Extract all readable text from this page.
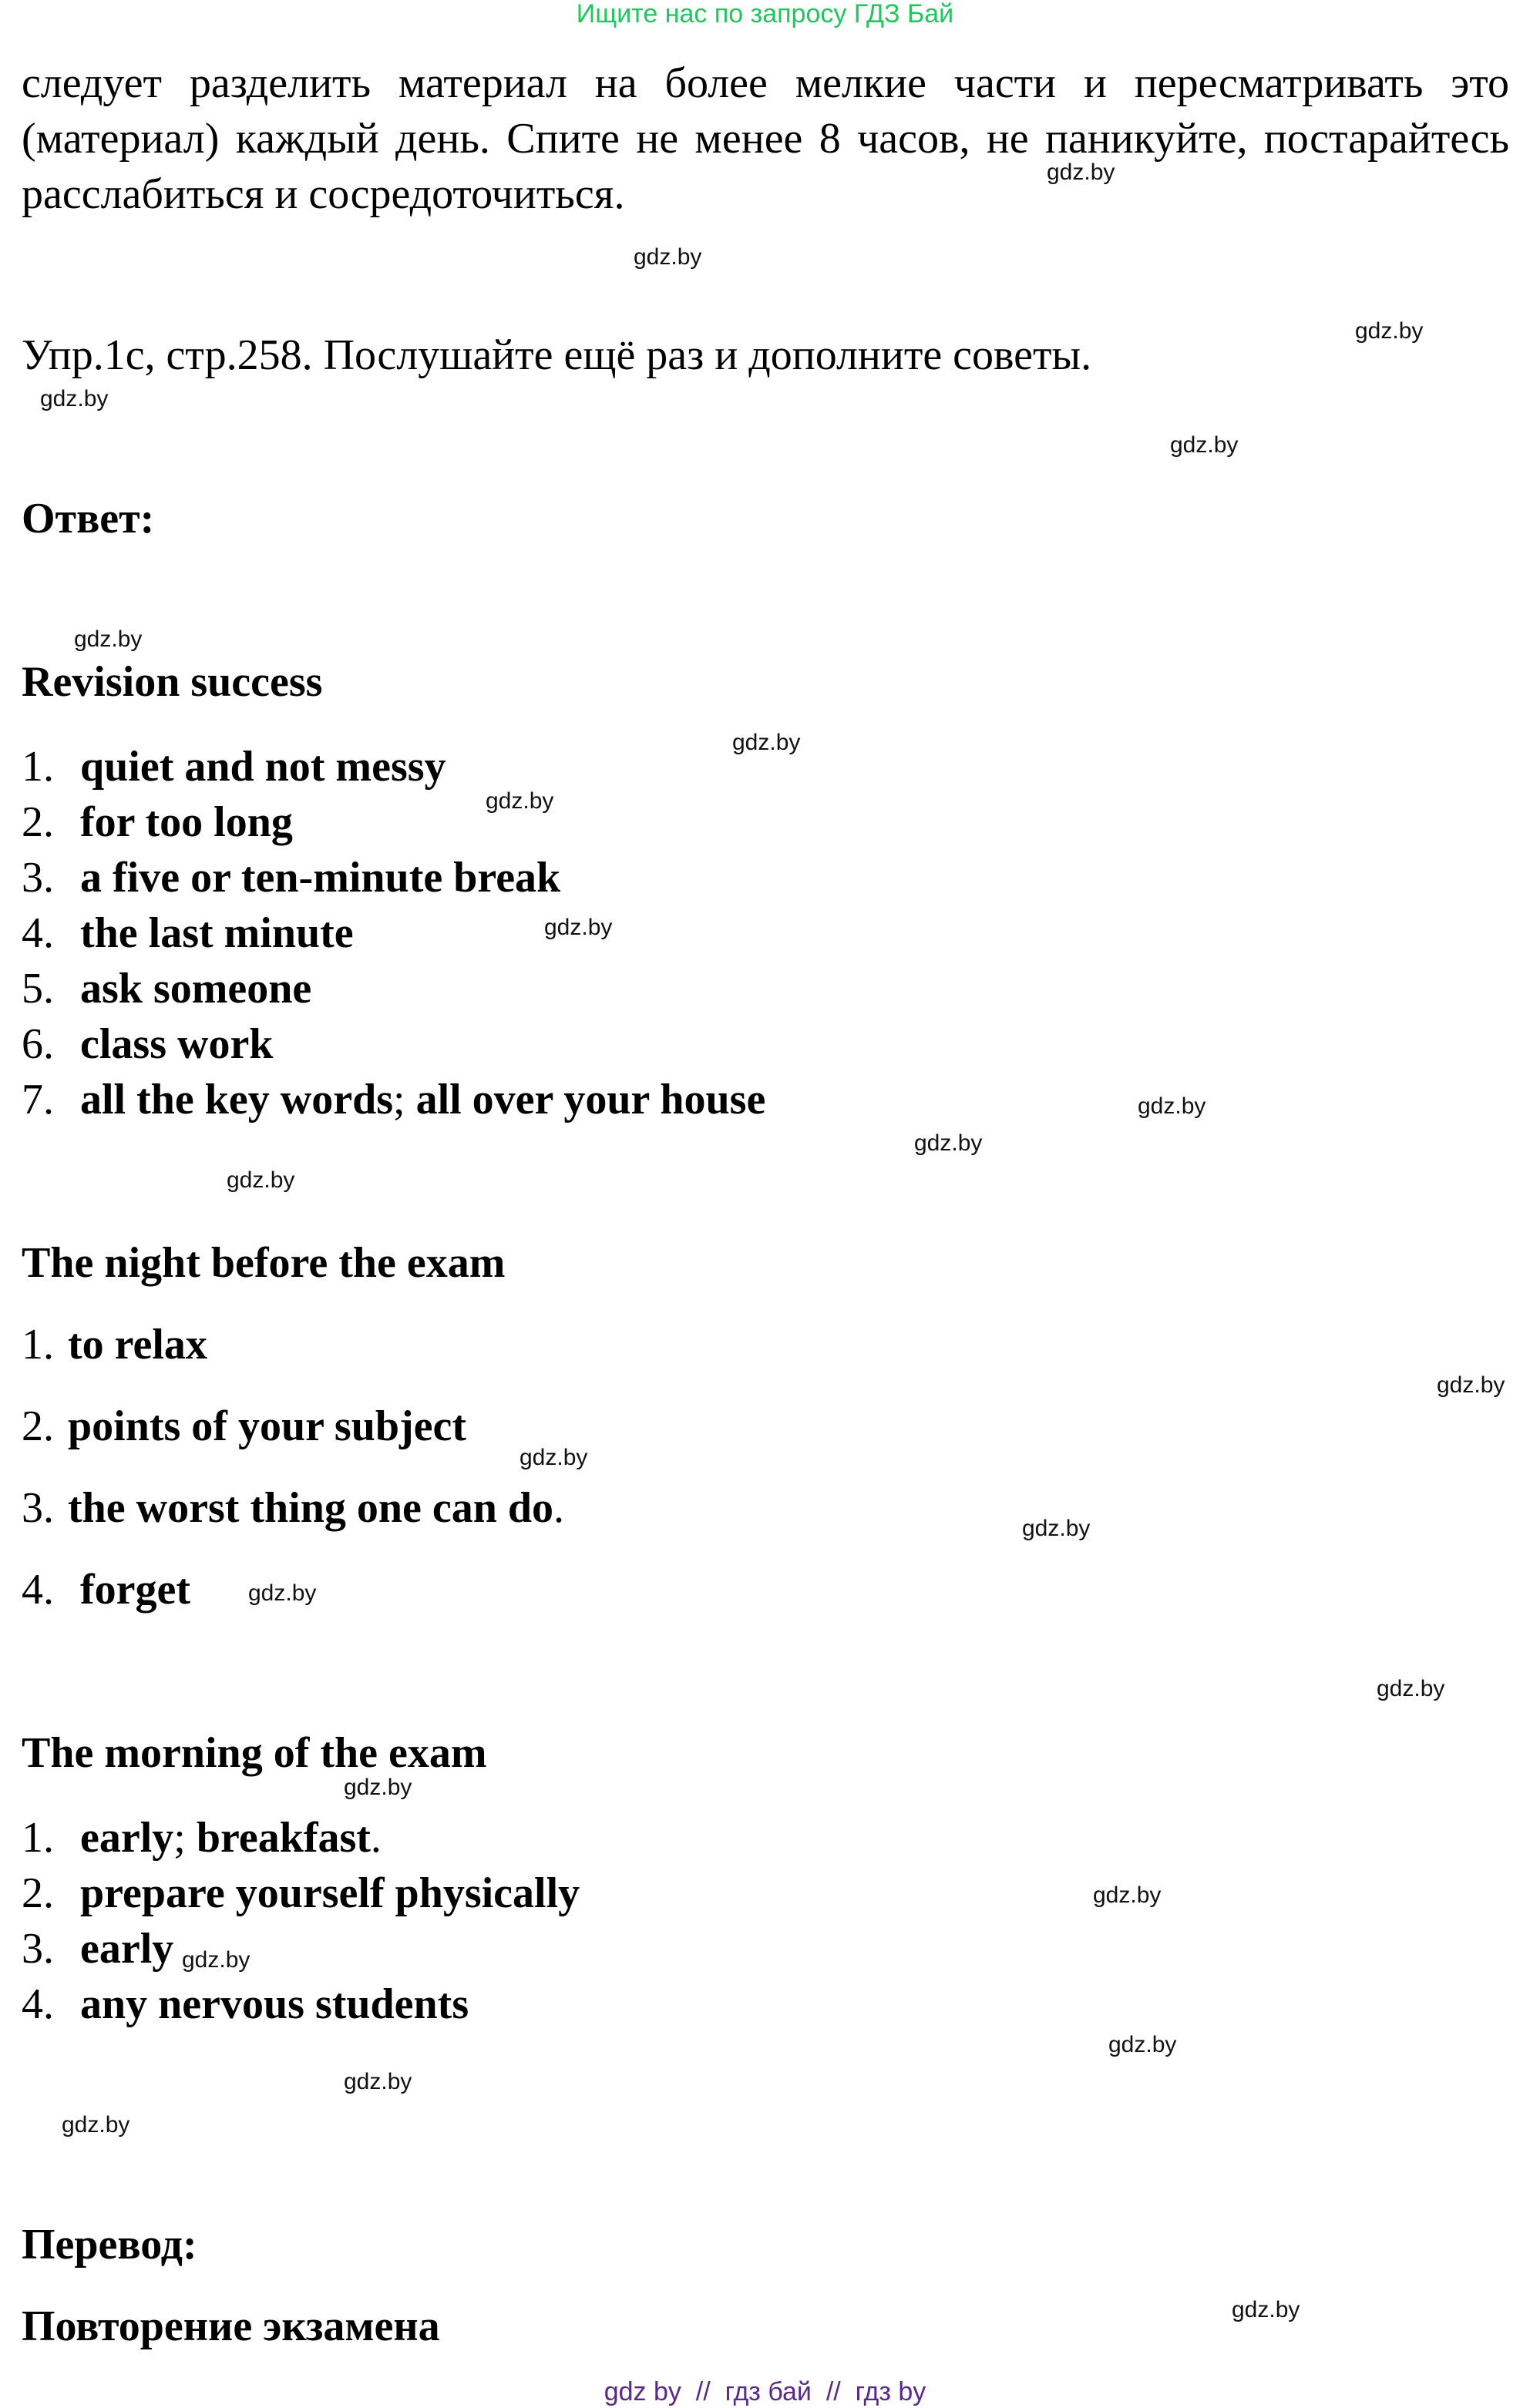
Ищите нас по запросу ГДЗ Бай
следует разделить материал на более мелкие части и пересматривать это (материал) каждый день. Спите не менее 8 часов, не паникуйте, постарайтесь расслабиться и сосредоточиться.
Упр.1c, стр.258. Послушайте ещё раз и дополните советы.
Ответ:
Revision success
1. quiet and not messy
2. for too long
3. a five or ten-minute break
4. the last minute
5. ask someone
6. class work
7. all the key words; all over your house
The night before the exam
1. to relax
2. points of your subject
3. the worst thing one can do.
4. forget
The morning of the exam
1. early; breakfast.
2. prepare yourself physically
3. early
4. any nervous students
Перевод:
Повторение экзамена
gdz.by
gdz.by
gdz.by
gdz.by
gdz.by
gdz.by
gdz.by
gdz.by
gdz.by
gdz.by
gdz.by
gdz.by
gdz.by
gdz.by
gdz.by
gdz.by
gdz.by
gdz.by
gdz.by
gdz.by
gdz.by
gdz.by
gdz.by
gdz.by
gdz by  //  гдз бай  //  гдз by
